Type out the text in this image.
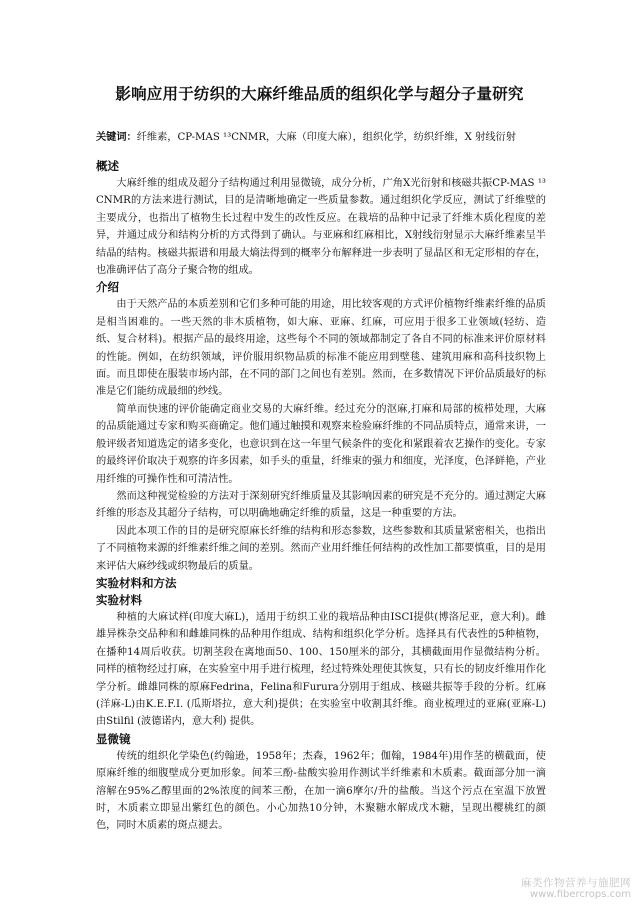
影响应用于纺织的大麻纤维品质的组织化学与超分子量研究
关键词：纤维素，CP-MAS ¹³CNMR，大麻（印度大麻），组织化学，纺织纤维，X 射线衍射
概述

大麻纤维的组成及超分子结构通过利用显微镜，成分分析，广角X光衍射和核磁共振CP-MAS ¹³CNMR的方法来进行测试，目的是清晰地确定一些质量参数。通过组织化学反应，测试了纤维壁的主要成分，也指出了植物生长过程中发生的改性反应。在栽培的品种中记录了纤维木质化程度的差异，并通过成分和结构分析的方式得到了确认。与亚麻和红麻相比，X射线衍射显示大麻纤维素呈半结晶的结构。核磁共振谱和用最大熵法得到的概率分布解释进一步表明了显晶区和无定形相的存在，也准确评估了高分子聚合物的组成。

介绍

由于天然产品的本质差别和它们多种可能的用途，用比较客观的方式评价植物纤维素纤维的品质是相当困难的。一些天然的非木质植物，如大麻、亚麻、红麻，可应用于很多工业领域(轻纺、造纸、复合材料)。根据产品的最终用途，这些每个不同的领域都制定了各自不同的标准来评价原材料的性能。例如，在纺织领域，评价服用织物品质的标准不能应用到壁毯、建筑用麻和高科技织物上面。而且即使在服装市场内部，在不同的部门之间也有差别。然而，在多数情况下评价品质最好的标准是它们能纺成最细的纱线。

简单而快速的评价能确定商业交易的大麻纤维。经过充分的沤麻,打麻和局部的梳栉处理，大麻的品质能通过专家和购买商确定。他们通过触摸和观察来检验麻纤维的不同品质特点，通常来讲，一般评级者知道选定的诸多变化，也意识到在这一年里气候条件的变化和紧跟着农艺操作的变化。专家的最终评价取决于观察的许多因素，如手头的重量，纤维束的强力和细度，光泽度，色泽鲜艳，产业用纤维的可操作性和可清洁性。

然而这种视觉检验的方法对于深刻研究纤维质量及其影响因素的研究是不充分的。通过测定大麻纤维的形态及其超分子结构，可以明确地确定纤维的质量，这是一种重要的方法。

因此本项工作的目的是研究原麻长纤维的结构和形态参数，这些参数和其质量紧密相关，也指出了不同植物来源的纤维素纤维之间的差别。然而产业用纤维任何结构的改性加工都要慎重，目的是用来评估大麻纱线或织物最后的质量。

实验材料和方法
实验材料

种植的大麻试样(印度大麻L)，适用于纺织工业的栽培品种由ISCI提供(博洛尼亚，意大利)。雌雄异株杂交品种和和雌雄同株的品种用作组成、结构和组织化学分析。选择具有代表性的5种植物，在播种14周后收获。切割茎段在离地面50、100、150厘米的部分，其横截面用作显微结构分析。同样的植物经过打麻，在实验室中用手进行梳理，经过特殊处理使其恢复，只有长的韧皮纤维用作化学分析。雌雄同株的原麻Fedrina，Felina和Furura分别用于组成、核磁共振等手段的分析。红麻(洋麻-L)由K.E.F.I. (瓜斯塔拉，意大利)提供；在实验室中收割其纤维。商业梳理过的亚麻(亚麻-L)由Stilfil (波德诺内，意大利) 提供。

显微镜

传统的组织化学染色(约翰逊，1958年；杰森，1962年；伽翰，1984年)用作茎的横截面，使原麻纤维的细腹壁成分更加形象。间苯三酚-盐酸实验用作测试半纤维素和木质素。截面部分加一滴溶解在95%乙醇里面的2%浓度的间苯三酚，在加一滴6摩尔/升的盐酸。当这个污点在室温下放置时，木质素立即显出紫红色的颜色。小心加热10分钟，木聚糖水解成戊木糖，呈现出樱桃红的颜色，同时木质素的斑点褪去。

麻类作物营养与施肥网
www.fibercrops.com
